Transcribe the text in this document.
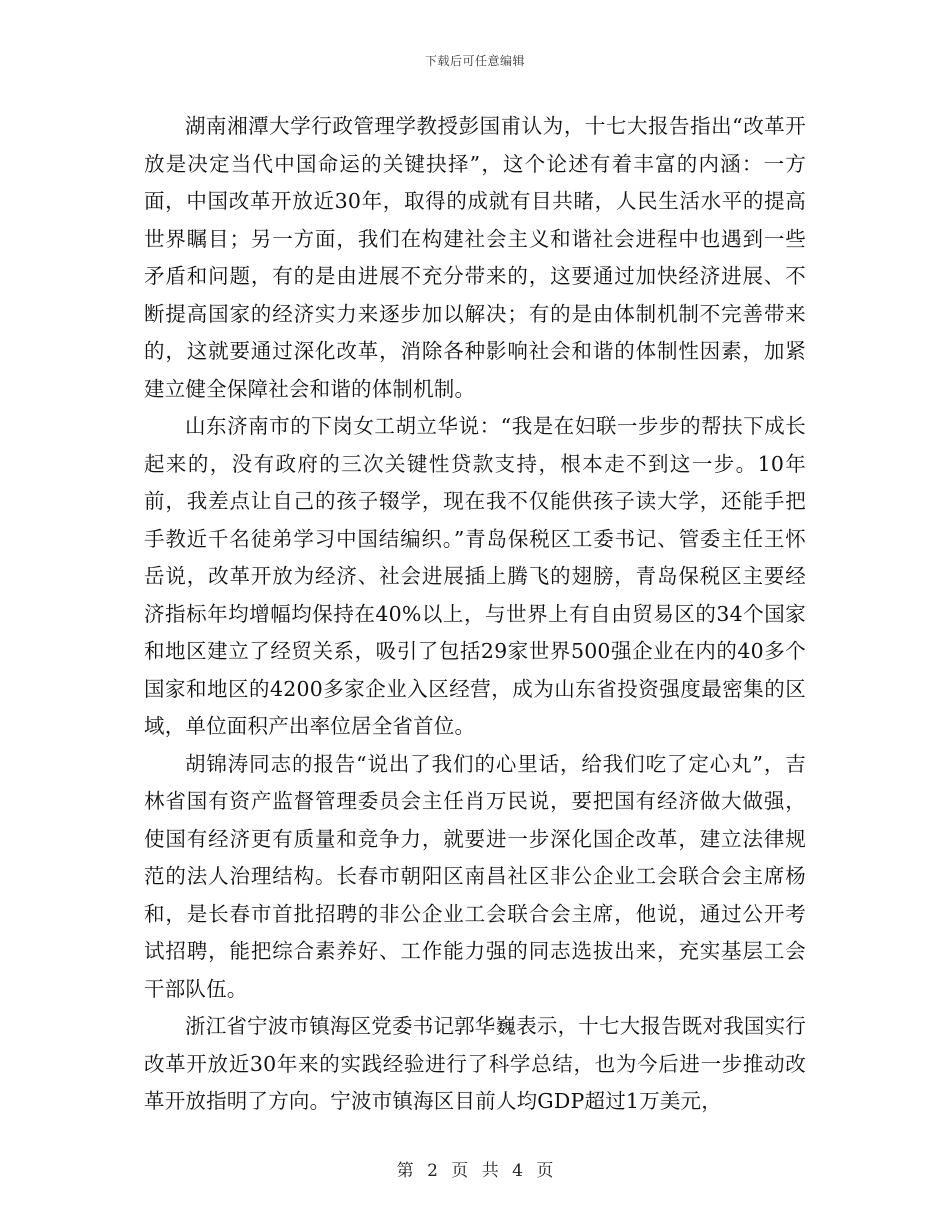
下载后可任意编辑

湖南湘潭大学行政管理学教授彭国甫认为，十七大报告指出“改革开放是决定当代中国命运的关键抉择”，这个论述有着丰富的内涵：一方面，中国改革开放近30年，取得的成就有目共睹，人民生活水平的提高世界瞩目；另一方面，我们在构建社会主义和谐社会进程中也遇到一些矛盾和问题，有的是由进展不充分带来的，这要通过加快经济进展、不断提高国家的经济实力来逐步加以解决；有的是由体制机制不完善带来的，这就要通过深化改革，消除各种影响社会和谐的体制性因素，加紧建立健全保障社会和谐的体制机制。

山东济南市的下岗女工胡立华说：“我是在妇联一步步的帮扶下成长起来的，没有政府的三次关键性贷款支持，根本走不到这一步。10年前，我差点让自己的孩子辍学，现在我不仅能供孩子读大学，还能手把手教近千名徒弟学习中国结编织。”青岛保税区工委书记、管委主任王怀岳说，改革开放为经济、社会进展插上腾飞的翅膀，青岛保税区主要经济指标年均增幅均保持在40%以上，与世界上有自由贸易区的34个国家和地区建立了经贸关系，吸引了包括29家世界500强企业在内的40多个国家和地区的4200多家企业入区经营，成为山东省投资强度最密集的区域，单位面积产出率位居全省首位。

胡锦涛同志的报告“说出了我们的心里话，给我们吃了定心丸”，吉林省国有资产监督管理委员会主任肖万民说，要把国有经济做大做强，使国有经济更有质量和竞争力，就要进一步深化国企改革，建立法律规范的法人治理结构。长春市朝阳区南昌社区非公企业工会联合会主席杨和，是长春市首批招聘的非公企业工会联合会主席，他说，通过公开考试招聘，能把综合素养好、工作能力强的同志选拔出来，充实基层工会干部队伍。

浙江省宁波市镇海区党委书记郭华巍表示，十七大报告既对我国实行改革开放近30年来的实践经验进行了科学总结，也为今后进一步推动改革开放指明了方向。宁波市镇海区目前人均GDP超过1万美元，

第 2 页 共 4 页
